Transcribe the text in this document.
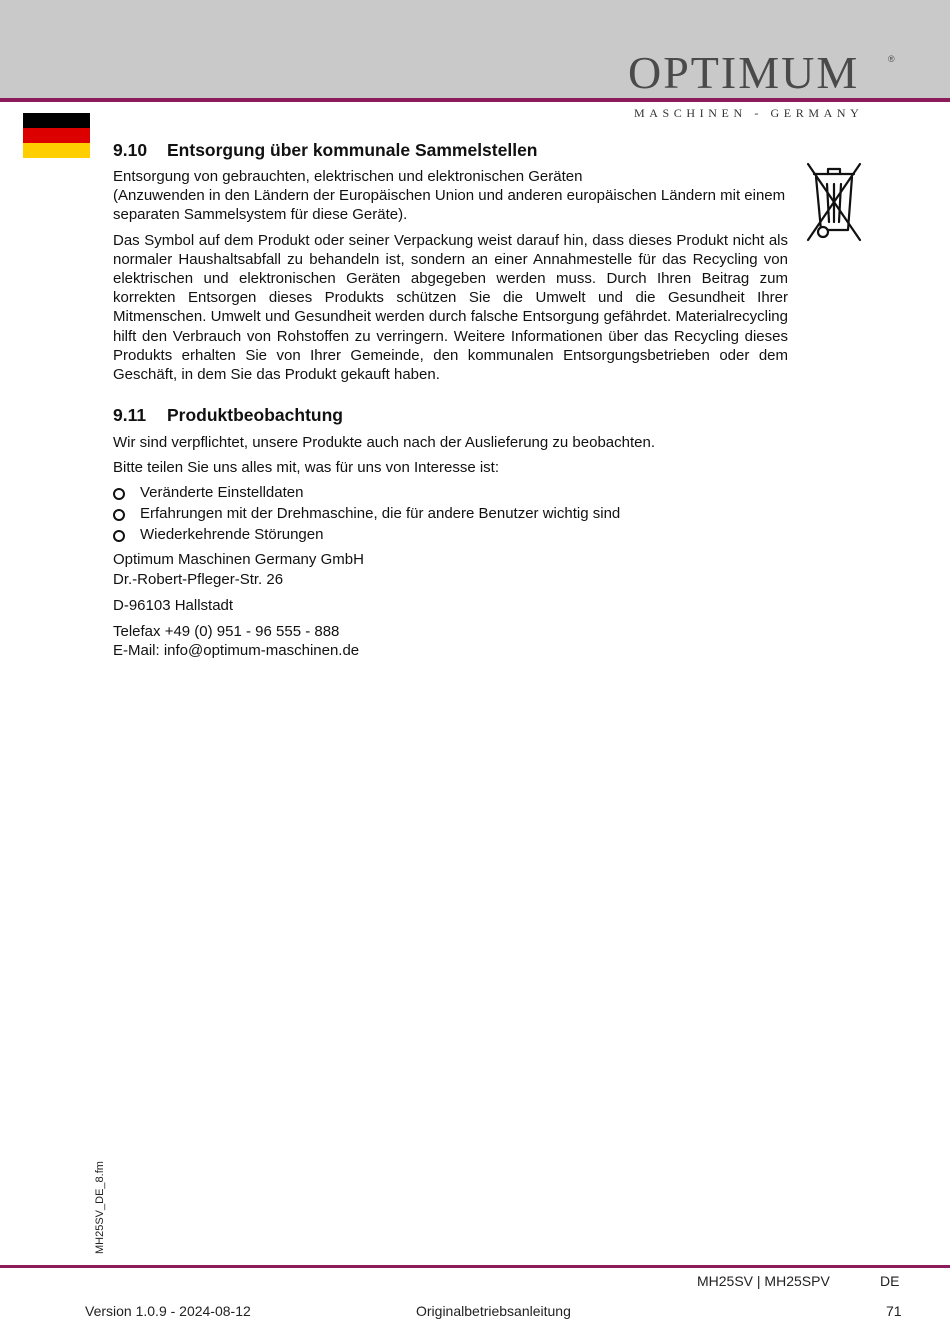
OPTIMUM	®
MASCHINEN - GERMANY
9.10 Entsorgung über kommunale Sammelstellen

Entsorgung von gebrauchten, elektrischen und elektronischen Geräten

(Anzuwenden in den Ländern der Europäischen Union und anderen europäischen Ländern mit einem separaten Sammelsystem für diese Geräte).

Das Symbol auf dem Produkt oder seiner Verpackung weist darauf hin, dass dieses Produkt nicht als normaler Haushaltsabfall zu behandeln ist, sondern an einer Annahmestelle für das Recycling von elektrischen und elektronischen Geräten abgegeben werden muss. Durch Ihren Beitrag zum korrekten Entsorgen dieses Produkts schützen Sie die Umwelt und die Gesundheit Ihrer Mitmenschen. Umwelt und Gesundheit werden durch falsche Entsorgung gefährdet. Materialrecycling hilft den Verbrauch von Rohstoffen zu verringern. Weitere Informationen über das Recycling dieses Produkts erhalten Sie von Ihrer Gemeinde, den kommunalen Entsorgungsbetrieben oder dem Geschäft, in dem Sie das Produkt gekauft haben.

9.11 Produktbeobachtung

Wir sind verpflichtet, unsere Produkte auch nach der Auslieferung zu beobachten.

Bitte teilen Sie uns alles mit, was für uns von Interesse ist:

Veränderte Einstelldaten
Erfahrungen mit der Drehmaschine, die für andere Benutzer wichtig sind
Wiederkehrende Störungen

Optimum Maschinen Germany GmbH

Dr.-Robert-Pfleger-Str. 26

D-96103 Hallstadt

Telefax +49 (0) 951 - 96 555 - 888

E-Mail: info@optimum-maschinen.de

MH25SV_DE_8.fm
MH25SV | MH25SPV	DE
Version 1.0.9 - 2024-08-12	Originalbetriebsanleitung	71
